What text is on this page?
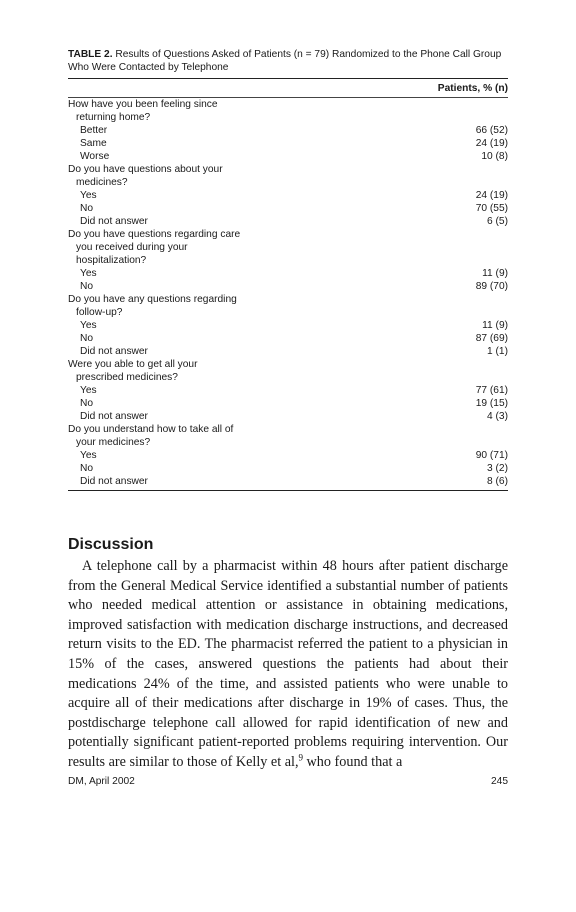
TABLE 2. Results of Questions Asked of Patients (n = 79) Randomized to the Phone Call Group Who Were Contacted by Telephone
Patients, % (n)
How have you been feeling since
returning home?
Better	66 (52)
Same	24 (19)
Worse	10 (8)
Do you have questions about your
medicines?
Yes	24 (19)
No	70 (55)
Did not answer	6 (5)
Do you have questions regarding care
you received during your
hospitalization?
Yes	11 (9)
No	89 (70)
Do you have any questions regarding
follow-up?
Yes	11 (9)
No	87 (69)
Did not answer	1 (1)
Were you able to get all your
prescribed medicines?
Yes	77 (61)
No	19 (15)
Did not answer	4 (3)
Do you understand how to take all of
your medicines?
Yes	90 (71)
No	3 (2)
Did not answer	8 (6)
Discussion

A telephone call by a pharmacist within 48 hours after patient discharge from the General Medical Service identified a substantial number of patients who needed medical attention or assistance in obtaining medications, improved satisfaction with medication discharge instructions, and decreased return visits to the ED. The pharmacist referred the patient to a physician in 15% of the cases, answered questions the patients had about their medications 24% of the time, and assisted patients who were unable to acquire all of their medications after discharge in 19% of cases. Thus, the postdischarge telephone call allowed for rapid identification of new and potentially significant patient-reported problems requiring intervention. Our results are similar to those of Kelly et al,$^9$ who found that a

DM, April 2002	245
